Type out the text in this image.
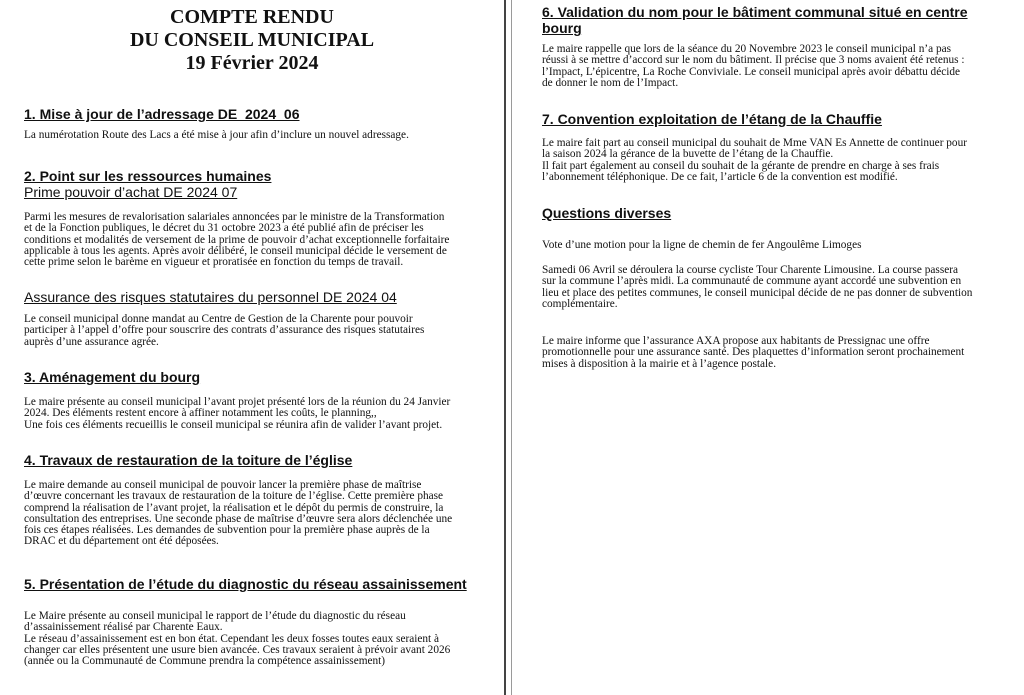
COMPTE RENDU
DU CONSEIL MUNICIPAL
19 Février 2024
1. Mise à jour de l’adressage DE_2024_06
La numérotation Route des Lacs a été mise à jour afin d’inclure un nouvel adressage.
2. Point sur les ressources humaines
Prime pouvoir d’achat DE 2024 07
Parmi les mesures de revalorisation salariales annoncées par le ministre de la Transformation
et de la Fonction publiques, le décret du 31 octobre 2023 a été publié afin de préciser les
conditions et modalités de versement de la prime de pouvoir d’achat exceptionnelle forfaitaire
applicable à tous les agents. Après avoir délibéré, le conseil municipal décide le versement de
cette prime selon le barème en vigueur et proratisée en fonction du temps de travail.
Assurance des risques statutaires du personnel DE 2024 04
Le conseil municipal donne mandat au Centre de Gestion de la Charente pour pouvoir
participer à l’appel d’offre pour souscrire des contrats d’assurance des risques statutaires
auprès d’une assurance agrée.
3. Aménagement du bourg
Le maire présente au conseil municipal l’avant projet présenté lors de la réunion du 24 Janvier
2024. Des éléments restent encore à affiner notamment les coûts, le planning,,
Une fois ces éléments recueillis le conseil municipal se réunira afin de valider l’avant projet.
4. Travaux de restauration de la toiture de l’église
Le maire demande au conseil municipal de pouvoir lancer la première phase de maîtrise
d’œuvre concernant les travaux de restauration de la toiture de l’église. Cette première phase
comprend la réalisation de l’avant projet, la réalisation et le dépôt du permis de construire, la
consultation des entreprises. Une seconde phase de maîtrise d’œuvre sera alors déclenchée une
fois ces étapes réalisées. Les demandes de subvention pour la première phase auprès de la
DRAC et du département ont été déposées.
5. Présentation de l’étude du diagnostic du réseau assainissement
Le Maire présente au conseil municipal le rapport de l’étude du diagnostic du réseau
d’assainissement réalisé par Charente Eaux.
Le réseau d’assainissement est en bon état. Cependant les deux fosses toutes eaux seraient à
changer car elles présentent une usure bien avancée. Ces travaux seraient à prévoir avant 2026
(année ou la Communauté de Commune prendra la compétence assainissement)
6. Validation du nom pour le bâtiment communal situé en centre
bourg
Le maire rappelle que lors de la séance du 20 Novembre 2023 le conseil municipal n’a pas
réussi à se mettre d’accord sur le nom du bâtiment. Il précise que 3 noms avaient été retenus :
l’Impact, L’épicentre, La Roche Conviviale. Le conseil municipal après avoir débattu décide
de donner le nom de l’Impact.
7. Convention exploitation de l’étang de la Chauffie
Le maire fait part au conseil municipal du souhait de Mme VAN Es Annette de continuer pour
la saison 2024 la gérance de la buvette de l’étang de la Chauffie.
Il fait part également au conseil du souhait de la gérante de prendre en charge à ses frais
l’abonnement téléphonique. De ce fait, l’article 6 de la convention est modifié.
Questions diverses
Vote d’une motion pour la ligne de chemin de fer Angoulême Limoges
Samedi 06 Avril se déroulera la course cycliste Tour Charente Limousine. La course passera
sur la commune l’après midi. La communauté de commune ayant accordé une subvention en
lieu et place des petites communes, le conseil municipal décide de ne pas donner de subvention
complémentaire.
Le maire informe que l’assurance AXA propose aux habitants de Pressignac une offre
promotionnelle pour une assurance santé. Des plaquettes d’information seront prochainement
mises à disposition à la mairie et à l’agence postale.
